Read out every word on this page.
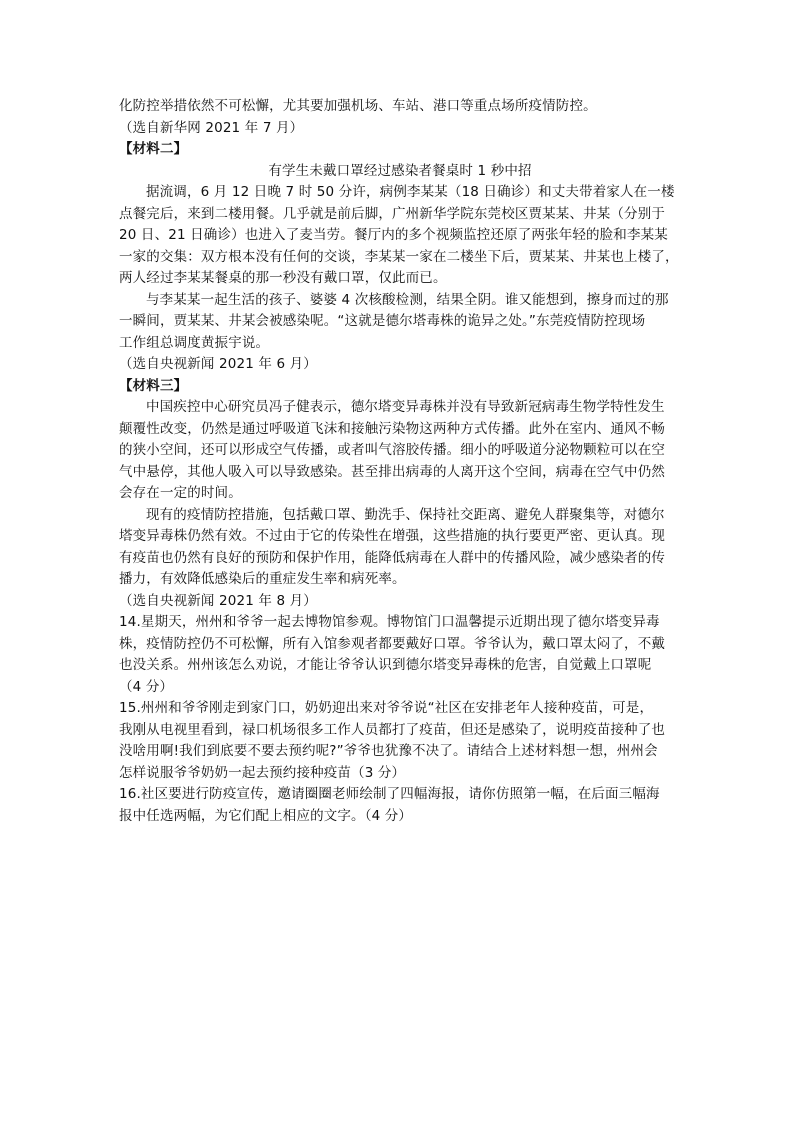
化防控举措依然不可松懈，尤其要加强机场、车站、港口等重点场所疫情防控。
（选自新华网 2021 年 7 月）
【材料二】
有学生未戴口罩经过感染者餐桌时 1 秒中招
据流调，6 月 12 日晚 7 时 50 分许，病例李某某（18 日确诊）和丈夫带着家人在一楼
点餐完后，来到二楼用餐。几乎就是前后脚，广州新华学院东莞校区贾某某、井某（分别于
20 日、21 日确诊）也进入了麦当劳。餐厅内的多个视频监控还原了两张年轻的脸和李某某
一家的交集：双方根本没有任何的交谈，李某某一家在二楼坐下后，贾某某、井某也上楼了，
两人经过李某某餐桌的那一秒没有戴口罩，仅此而已。
与李某某一起生活的孩子、婆婆 4 次核酸检测，结果全阴。谁又能想到，擦身而过的那
一瞬间，贾某某、井某会被感染呢。“这就是德尔塔毒株的诡异之处。”东莞疫情防控现场
工作组总调度黄振宇说。
（选自央视新闻 2021 年 6 月）
【材料三】
中国疾控中心研究员冯子健表示，德尔塔变异毒株并没有导致新冠病毒生物学特性发生
颠覆性改变，仍然是通过呼吸道飞沫和接触污染物这两种方式传播。此外在室内、通风不畅
的狭小空间，还可以形成空气传播，或者叫气溶胶传播。细小的呼吸道分泌物颗粒可以在空
气中悬停，其他人吸入可以导致感染。甚至排出病毒的人离开这个空间，病毒在空气中仍然
会存在一定的时间。
现有的疫情防控措施，包括戴口罩、勤洗手、保持社交距离、避免人群聚集等，对德尔
塔变异毒株仍然有效。不过由于它的传染性在增强，这些措施的执行要更严密、更认真。现
有疫苗也仍然有良好的预防和保护作用，能降低病毒在人群中的传播风险，减少感染者的传
播力，有效降低感染后的重症发生率和病死率。
（选自央视新闻 2021 年 8 月）
14.星期天，州州和爷爷一起去博物馆参观。博物馆门口温馨提示近期出现了德尔塔变异毒
株，疫情防控仍不可松懈，所有入馆参观者都要戴好口罩。爷爷认为，戴口罩太闷了，不戴
也没关系。州州该怎么劝说，才能让爷爷认识到德尔塔变异毒株的危害，自觉戴上口罩呢
（4 分）
15.州州和爷爷刚走到家门口，奶奶迎出来对爷爷说“社区在安排老年人接种疫苗，可是，
我刚从电视里看到，禄口机场很多工作人员都打了疫苗，但还是感染了，说明疫苗接种了也
没啥用啊!我们到底要不要去预约呢?”爷爷也犹豫不决了。请结合上述材料想一想，州州会
怎样说服爷爷奶奶一起去预约接种疫苗（3 分）
16.社区要进行防疫宣传，邀请圈圈老师绘制了四幅海报，请你仿照第一幅，在后面三幅海
报中任选两幅，为它们配上相应的文字。（4 分）
